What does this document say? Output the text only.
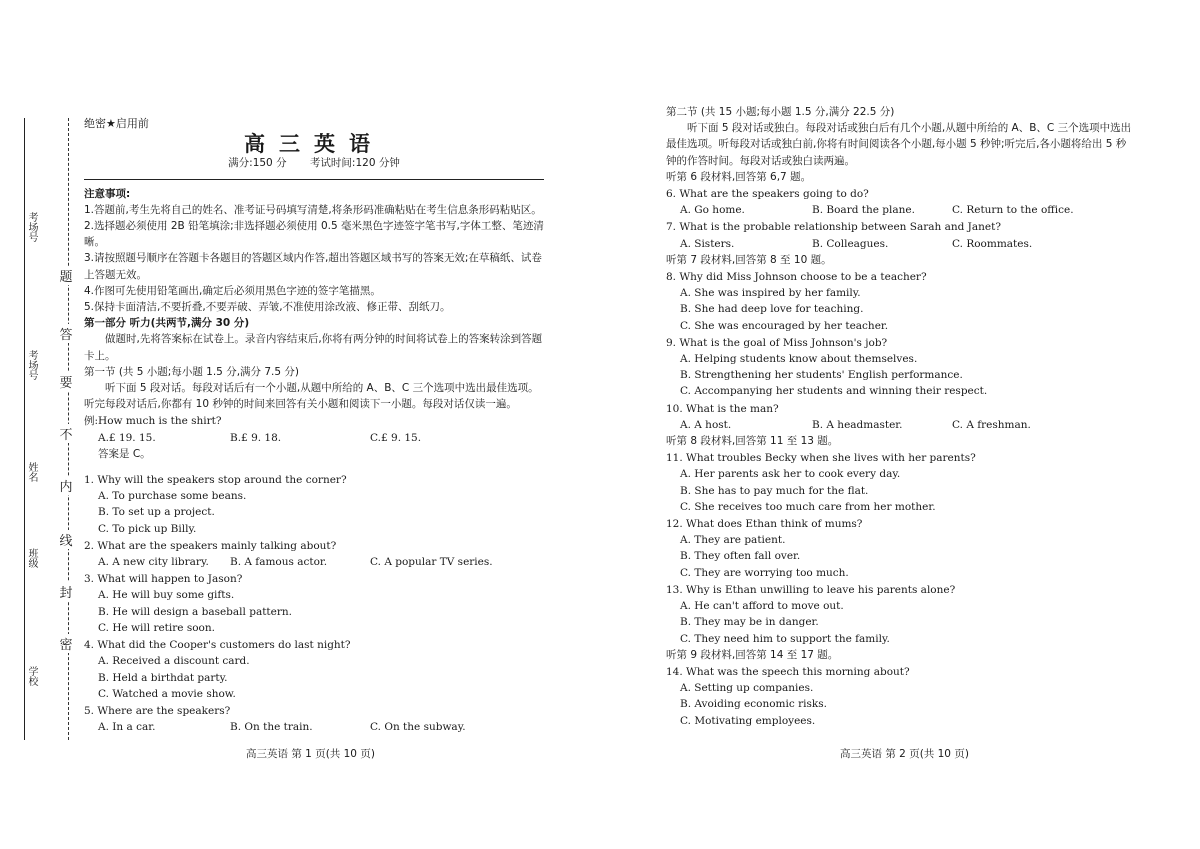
考场号
考场号
姓名
班级
学校
题
答
要
不
内
线
封
密
绝密★启用前
高三英语
满分:150 分 考试时间:120 分钟
注意事项:
1.答题前,考生先将自己的姓名、准考证号码填写清楚,将条形码准确粘贴在考生信息条形码粘贴区。
2.选择题必须使用 2B 铅笔填涂;非选择题必须使用 0.5 毫米黑色字迹签字笔书写,字体工整、笔迹清晰。
3.请按照题号顺序在答题卡各题目的答题区域内作答,超出答题区域书写的答案无效;在草稿纸、试卷上答题无效。
4.作图可先使用铅笔画出,确定后必须用黑色字迹的签字笔描黑。
5.保持卡面清洁,不要折叠,不要弄破、弄皱,不准使用涂改液、修正带、刮纸刀。
第一部分 听力(共两节,满分 30 分)
做题时,先将答案标在试卷上。录音内容结束后,你将有两分钟的时间将试卷上的答案转涂到答题卡上。
第一节 (共 5 小题;每小题 1.5 分,满分 7.5 分)
听下面 5 段对话。每段对话后有一个小题,从题中所给的 A、B、C 三个选项中选出最佳选项。听完每段对话后,你都有 10 秒钟的时间来回答有关小题和阅读下一小题。每段对话仅读一遍。
例:How much is the shirt?
A.£ 19. 15.	B.£ 9. 18.	C.£ 9. 15.
答案是 C。
1. Why will the speakers stop around the corner?
A. To purchase some beans.
B. To set up a project.
C. To pick up Billy.
2. What are the speakers mainly talking about?
A. A new city library.	B. A famous actor.	C. A popular TV series.
3. What will happen to Jason?
A. He will buy some gifts.
B. He will design a baseball pattern.
C. He will retire soon.
4. What did the Cooper's customers do last night?
A. Received a discount card.
B. Held a birthdat party.
C. Watched a movie show.
5. Where are the speakers?
A. In a car.	B. On the train.	C. On the subway.
第二节 (共 15 小题;每小题 1.5 分,满分 22.5 分)
听下面 5 段对话或独白。每段对话或独白后有几个小题,从题中所给的 A、B、C 三个选项中选出最佳选项。听每段对话或独白前,你将有时间阅读各个小题,每小题 5 秒钟;听完后,各小题将给出 5 秒钟的作答时间。每段对话或独白读两遍。
听第 6 段材料,回答第 6,7 题。
6. What are the speakers going to do?
A. Go home.	B. Board the plane.	C. Return to the office.
7. What is the probable relationship between Sarah and Janet?
A. Sisters.	B. Colleagues.	C. Roommates.
听第 7 段材料,回答第 8 至 10 题。
8. Why did Miss Johnson choose to be a teacher?
A. She was inspired by her family.
B. She had deep love for teaching.
C. She was encouraged by her teacher.
9. What is the goal of Miss Johnson's job?
A. Helping students know about themselves.
B. Strengthening her students' English performance.
C. Accompanying her students and winning their respect.
10. What is the man?
A. A host.	B. A headmaster.	C. A freshman.
听第 8 段材料,回答第 11 至 13 题。
11. What troubles Becky when she lives with her parents?
A. Her parents ask her to cook every day.
B. She has to pay much for the flat.
C. She receives too much care from her mother.
12. What does Ethan think of mums?
A. They are patient.
B. They often fall over.
C. They are worrying too much.
13. Why is Ethan unwilling to leave his parents alone?
A. He can't afford to move out.
B. They may be in danger.
C. They need him to support the family.
听第 9 段材料,回答第 14 至 17 题。
14. What was the speech this morning about?
A. Setting up companies.
B. Avoiding economic risks.
C. Motivating employees.
高三英语 第 1 页(共 10 页)	高三英语 第 2 页(共 10 页)
